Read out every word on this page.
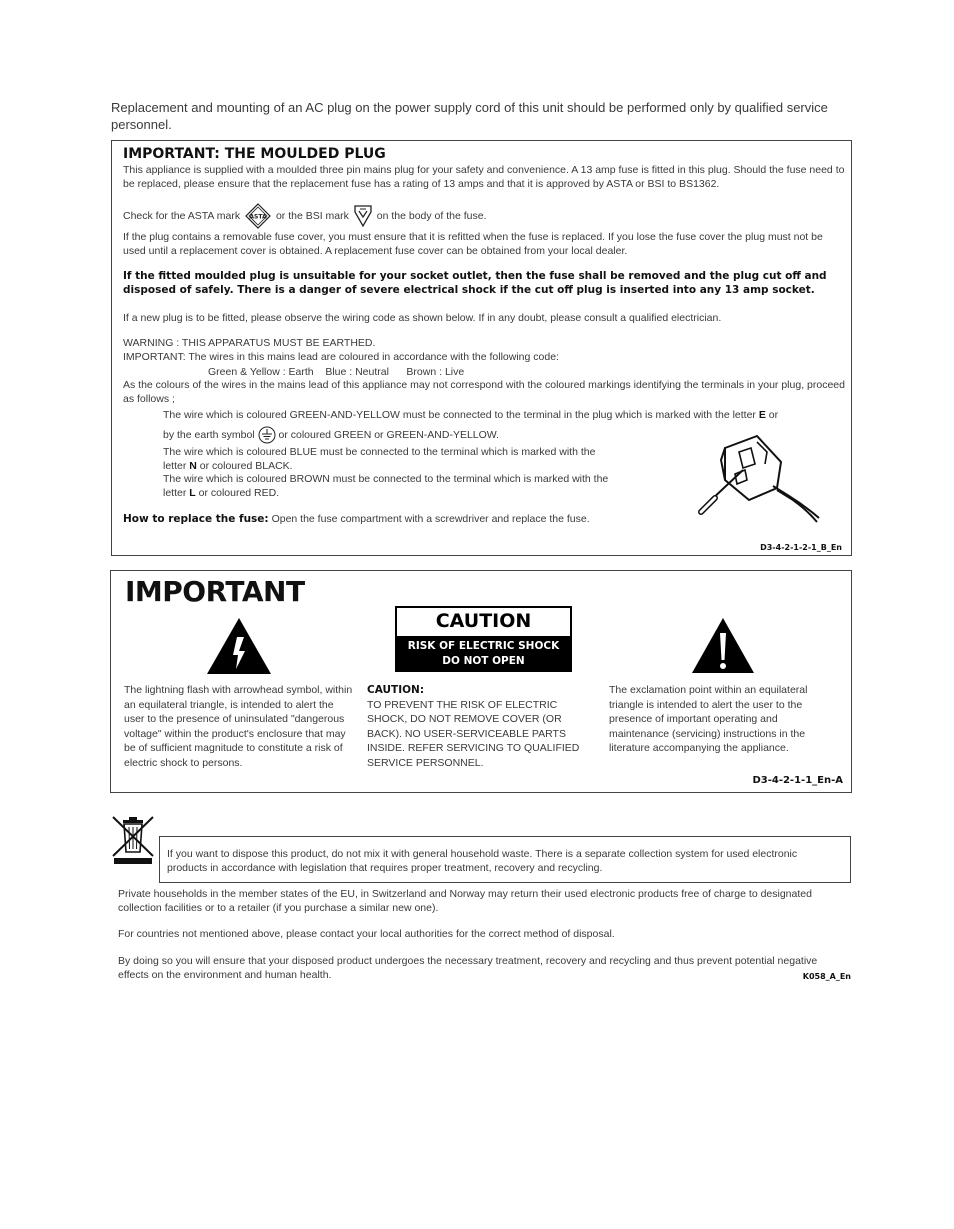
Replacement and mounting of an AC plug on the power supply cord of this unit should be performed only by qualified service personnel.
IMPORTANT: THE MOULDED PLUG
This appliance is supplied with a moulded three pin mains plug for your safety and convenience. A 13 amp fuse is fitted in this plug. Should the fuse need to be replaced, please ensure that the replacement fuse has a rating of 13 amps and that it is approved by ASTA or BSI to BS1362.
Check for the ASTA mark ASTA or the BSI mark	on the body of the fuse.
If the plug contains a removable fuse cover, you must ensure that it is refitted when the fuse is replaced. If you lose the fuse cover the plug must not be used until a replacement cover is obtained. A replacement fuse cover can be obtained from your local dealer.
If the fitted moulded plug is unsuitable for your socket outlet, then the fuse shall be removed and the plug cut off and disposed of safely. There is a danger of severe electrical shock if the cut off plug is inserted into any 13 amp socket.
If a new plug is to be fitted, please observe the wiring code as shown below. If in any doubt, please consult a qualified electrician.
WARNING : THIS APPARATUS MUST BE EARTHED.
IMPORTANT: The wires in this mains lead are coloured in accordance with the following code:
Green & Yellow : Earth    Blue : Neutral      Brown : Live
As the colours of the wires in the mains lead of this appliance may not correspond with the coloured markings identifying the terminals in your plug, proceed as follows ;
The wire which is coloured GREEN-AND-YELLOW must be connected to the terminal in the plug which is marked with the letter E or
by the earth symbol or coloured GREEN or GREEN-AND-YELLOW.
The wire which is coloured BLUE must be connected to the terminal which is marked with the
letter N or coloured BLACK.
The wire which is coloured BROWN must be connected to the terminal which is marked with the
letter L or coloured RED.
How to replace the fuse: Open the fuse compartment with a screwdriver and replace the fuse.
D3-4-2-1-2-1_B_En
IMPORTANT
CAUTION
RISK OF ELECTRIC SHOCK
DO NOT OPEN
The lightning flash with arrowhead symbol, within an equilateral triangle, is intended to alert the user to the presence of uninsulated "dangerous voltage" within the product's enclosure that may be of sufficient magnitude to constitute a risk of electric shock to persons.
CAUTION:
TO PREVENT THE RISK OF ELECTRIC SHOCK, DO NOT REMOVE COVER (OR BACK). NO USER-SERVICEABLE PARTS INSIDE. REFER SERVICING TO QUALIFIED SERVICE PERSONNEL.
The exclamation point within an equilateral triangle is intended to alert the user to the presence of important operating and maintenance (servicing) instructions in the literature accompanying the appliance.
D3-4-2-1-1_En-A
If you want to dispose this product, do not mix it with general household waste. There is a separate collection system for used electronic products in accordance with legislation that requires proper treatment, recovery and recycling.
Private households in the member states of the EU, in Switzerland and Norway may return their used electronic products free of charge to designated collection facilities or to a retailer (if you purchase a similar new one).
For countries not mentioned above, please contact your local authorities for the correct method of disposal.
By doing so you will ensure that your disposed product undergoes the necessary treatment, recovery and recycling and thus prevent potential negative effects on the environment and human health.	K058_A_En
